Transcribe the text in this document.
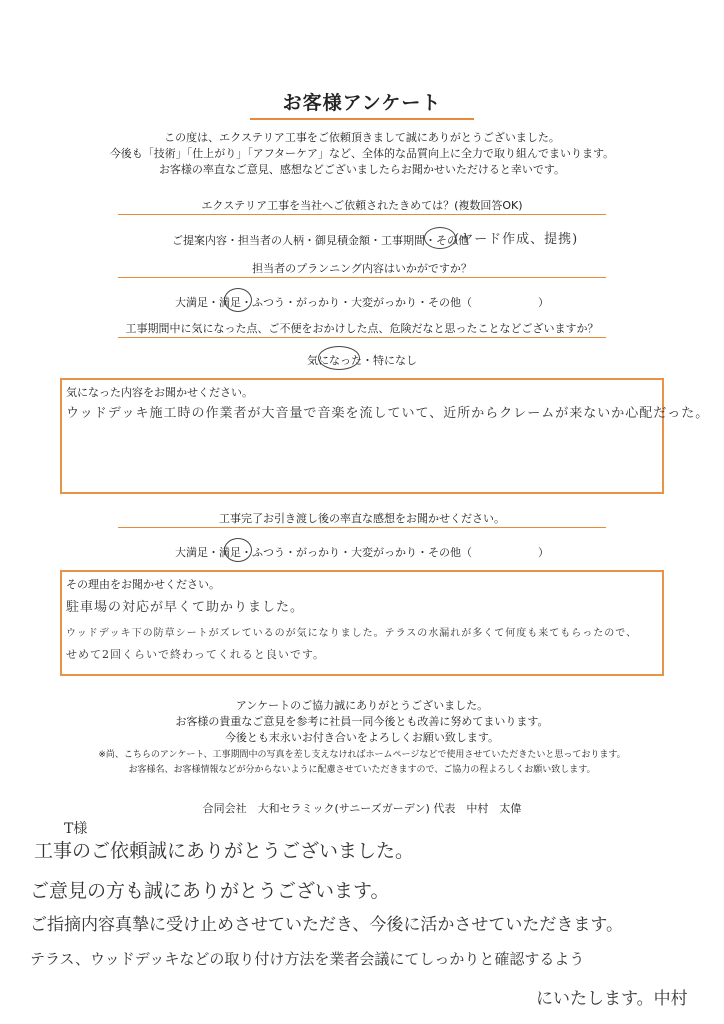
お客様アンケート
この度は、エクステリア工事をご依頼頂きまして誠にありがとうございました。
今後も「技術」「仕上がり」「アフターケア」など、全体的な品質向上に全力で取り組んでまいります。
お客様の率直なご意見、感想などございましたらお聞かせいただけると幸いです。
エクステリア工事を当社へご依頼されたきめては？(複数回答OK)
ご提案内容・担当者の人柄・御見積金額・工事期間・その他
(ヤード作成、提携)
担当者のプランニング内容はいかがですか？
大満足・満足・ふつう・がっかり・大変がっかり・その他（　　　　　　）
工事期間中に気になった点、ご不便をおかけした点、危険だなと思ったことなどございますか？
気になった・特になし
気になった内容をお聞かせください。
ウッドデッキ施工時の作業者が大音量で音楽を流していて、近所からクレームが来ないか心配だった。
工事完了お引き渡し後の率直な感想をお聞かせください。
大満足・満足・ふつう・がっかり・大変がっかり・その他（　　　　　　）
その理由をお聞かせください。
駐車場の対応が早くて助かりました。
ウッドデッキ下の防草シートがズレているのが気になりました。テラスの水漏れが多くて何度も来てもらったので、
せめて2回くらいで終わってくれると良いです。
アンケートのご協力誠にありがとうございました。
お客様の貴重なご意見を参考に社員一同今後とも改善に努めてまいります。
今後とも末永いお付き合いをよろしくお願い致します。
※尚、こちらのアンケート、工事期間中の写真を差し支えなければホームページなどで使用させていただきたいと思っております。
お客様名、お客様情報などが分からないように配慮させていただきますので、ご協力の程よろしくお願い致します。
合同会社　大和セラミック(サニーズガーデン) 代表　中村　太偉
T様
工事のご依頼誠にありがとうございました。
ご意見の方も誠にありがとうございます。
ご指摘内容真摯に受け止めさせていただき、今後に活かさせていただきます。
テラス、ウッドデッキなどの取り付け方法を業者会議にてしっかりと確認するよう
にいたします。中村
